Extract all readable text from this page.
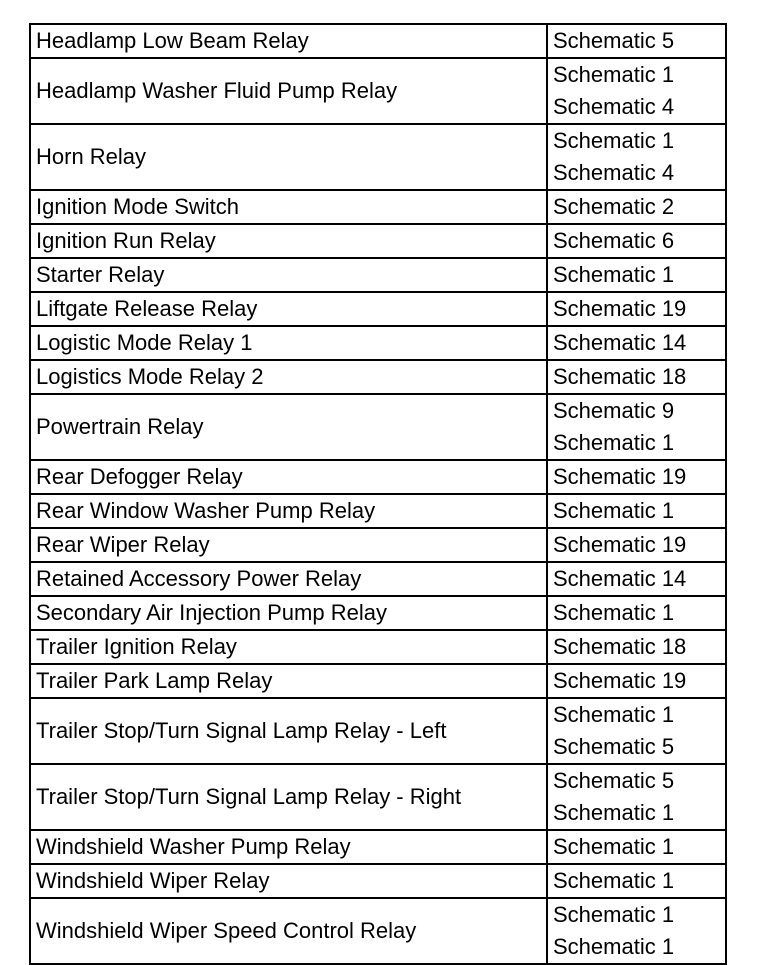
Headlamp Low Beam Relay	Schematic 5

Headlamp Washer Fluid Pump Relay	Schematic 1
Schematic 4

Horn Relay	Schematic 1
Schematic 4

Ignition Mode Switch	Schematic 2

Ignition Run Relay	Schematic 6

Starter Relay	Schematic 1

Liftgate Release Relay	Schematic 19

Logistic Mode Relay 1	Schematic 14

Logistics Mode Relay 2	Schematic 18

Powertrain Relay	Schematic 9
Schematic 1

Rear Defogger Relay	Schematic 19

Rear Window Washer Pump Relay	Schematic 1

Rear Wiper Relay	Schematic 19

Retained Accessory Power Relay	Schematic 14

Secondary Air Injection Pump Relay	Schematic 1

Trailer Ignition Relay	Schematic 18

Trailer Park Lamp Relay	Schematic 19

Trailer Stop/Turn Signal Lamp Relay - Left	Schematic 1
Schematic 5

Trailer Stop/Turn Signal Lamp Relay - Right	Schematic 5
Schematic 1

Windshield Washer Pump Relay	Schematic 1

Windshield Wiper Relay	Schematic 1

Windshield Wiper Speed Control Relay	Schematic 1
Schematic 1
